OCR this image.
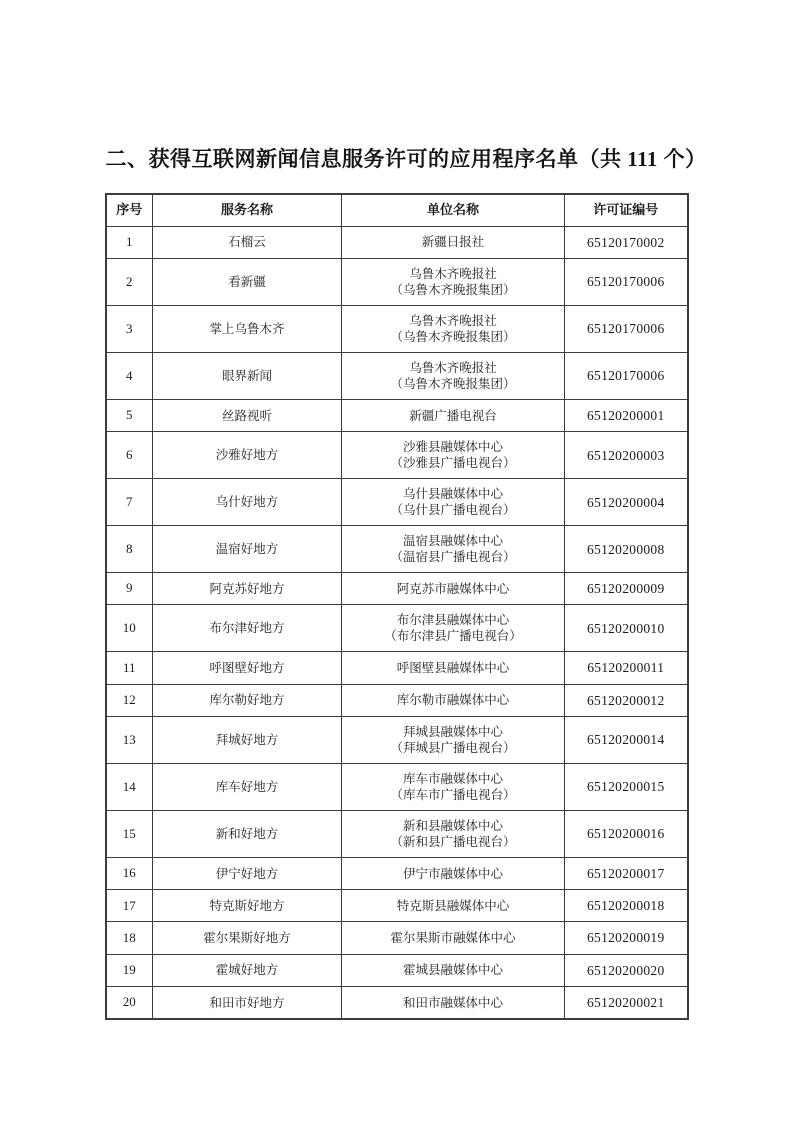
二、获得互联网新闻信息服务许可的应用程序名单（共 111 个）
序号	服务名称	单位名称	许可证编号
1	石榴云	新疆日报社	65120170002
2	看新疆	乌鲁木齐晚报社
（乌鲁木齐晚报集团）	65120170006
3	掌上乌鲁木齐	乌鲁木齐晚报社
（乌鲁木齐晚报集团）	65120170006
4	眼界新闻	乌鲁木齐晚报社
（乌鲁木齐晚报集团）	65120170006
5	丝路视听	新疆广播电视台	65120200001
6	沙雅好地方	沙雅县融媒体中心
（沙雅县广播电视台）	65120200003
7	乌什好地方	乌什县融媒体中心
（乌什县广播电视台）	65120200004
8	温宿好地方	温宿县融媒体中心
（温宿县广播电视台）	65120200008
9	阿克苏好地方	阿克苏市融媒体中心	65120200009
10	布尔津好地方	布尔津县融媒体中心
（布尔津县广播电视台）	65120200010
11	呼图壁好地方	呼图壁县融媒体中心	65120200011
12	库尔勒好地方	库尔勒市融媒体中心	65120200012
13	拜城好地方	拜城县融媒体中心
（拜城县广播电视台）	65120200014
14	库车好地方	库车市融媒体中心
（库车市广播电视台）	65120200015
15	新和好地方	新和县融媒体中心
（新和县广播电视台）	65120200016
16	伊宁好地方	伊宁市融媒体中心	65120200017
17	特克斯好地方	特克斯县融媒体中心	65120200018
18	霍尔果斯好地方	霍尔果斯市融媒体中心	65120200019
19	霍城好地方	霍城县融媒体中心	65120200020
20	和田市好地方	和田市融媒体中心	65120200021
